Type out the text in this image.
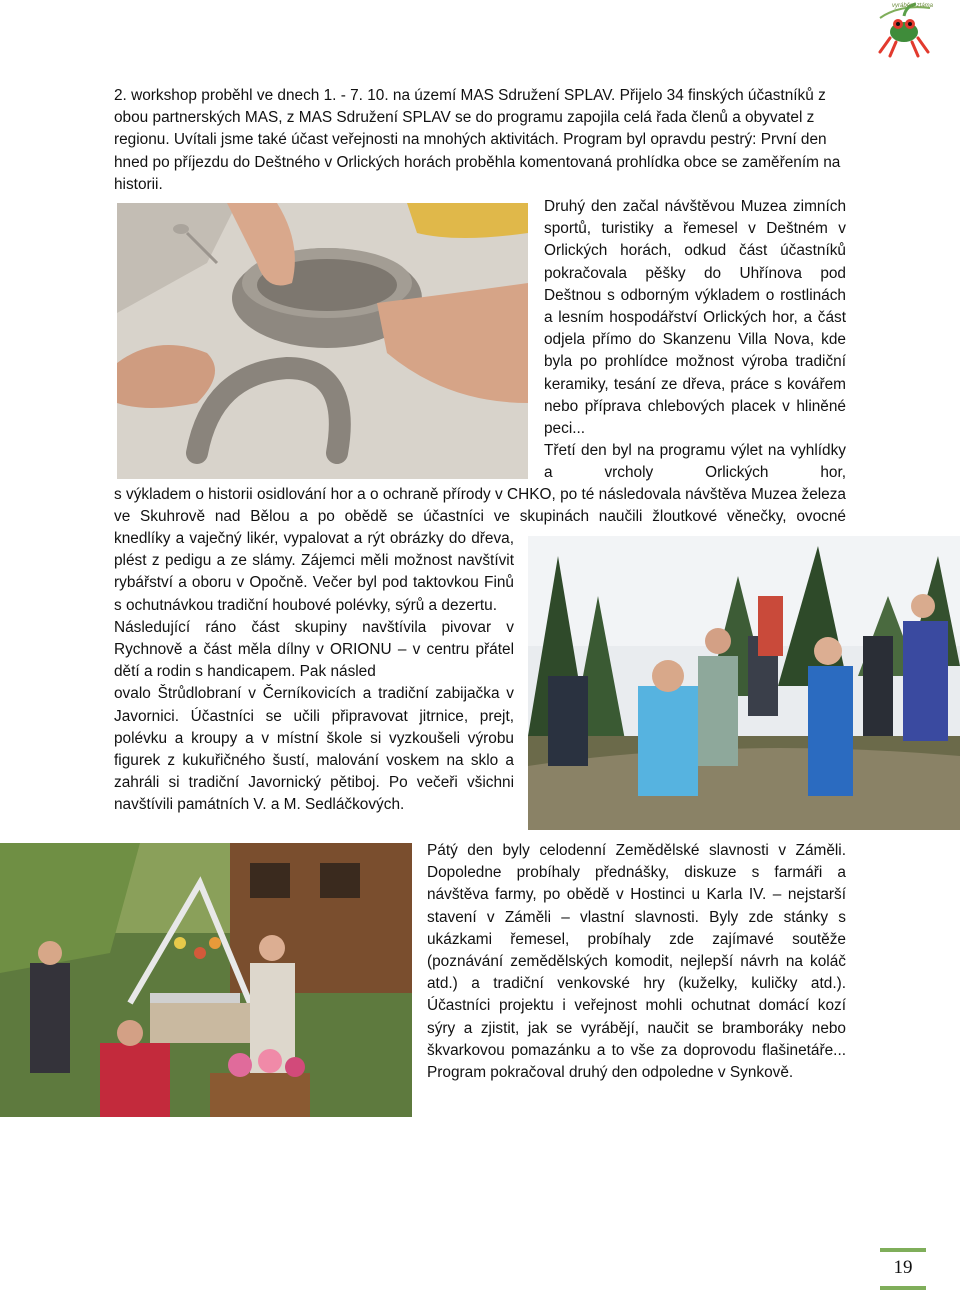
vyrábění ztáma

2. workshop proběhl ve dnech 1. - 7. 10. na území MAS Sdružení SPLAV. Přijelo 34 finských účastníků z obou partnerských MAS, z MAS Sdružení SPLAV se do programu zapojila celá řada členů a obyvatel z regionu. Uvítali jsme také účast veřejnosti na mnohých aktivitách. Program byl opravdu pestrý: První den hned po příjezdu do Deštného v Orlických horách proběhla komentovaná prohlídka obce se zaměřením na historii.

Druhý den začal návštěvou Muzea zimních sportů, turistiky a řemesel v Deštném v Orlických horách, odkud část účastníků pokračovala pěšky do Uhřínova pod Deštnou s odborným výkladem o rostlinách a lesním hospodářství Orlických hor, a část odjela přímo do Skanzenu Villa Nova, kde byla po prohlídce možnost výroba tradiční keramiky, tesání ze dřeva, práce s kovářem nebo příprava chlebových placek v hliněné peci...

Třetí den byl na programu výlet na vyhlídky a vrcholy Orlických hor,

s výkladem o historii osidlování hor a o ochraně přírody v CHKO, po té následovala návštěva Muzea železa ve Skuhrově nad Bělou a po obědě se účastníci ve skupinách naučili žloutkové věnečky, ovocné

knedlíky a vaječný likér, vypalovat a rýt obrázky do dřeva, plést z pedigu a ze slámy. Zájemci měli možnost navštívit rybářství a oboru v Opočně. Večer byl pod taktovkou Finů s ochutnávkou tradiční houbové polévky, sýrů a dezertu.

Následující ráno část skupiny navštívila pivovar v Rychnově a část měla dílny v ORIONU – v centru přátel dětí a rodin s handicapem. Pak násled

ovalo Štrůdlobraní v Černíkovicích a tradiční zabijačka v Javornici. Účastníci se učili připravovat jitrnice, prejt, polévku a kroupy a v místní škole si vyzkoušeli výrobu figurek z kukuřičného šustí, malování voskem na sklo a zahráli si tradiční Javornický pětiboj. Po večeři všichni navštívili památních V. a M. Sedláčkových.

Pátý den byly celodenní Zemědělské slavnosti v Záměli. Dopoledne probíhaly přednášky, diskuze s farmáři a návštěva farmy, po obědě v Hostinci u Karla IV. – nejstarší stavení v Záměli – vlastní slavnosti. Byly zde stánky s ukázkami řemesel, probíhaly zde zajímavé soutěže (poznávání zemědělských komodit, nejlepší návrh na koláč atd.) a tradiční venkovské hry (kuželky, kuličky atd.). Účastníci projektu i veřejnost mohli ochutnat domácí kozí sýry a zjistit, jak se vyrábějí, naučit se bramboráky nebo škvarkovou pomazánku a to vše za doprovodu flašinetáře... Program pokračoval druhý den odpoledne v Synkově.

19
